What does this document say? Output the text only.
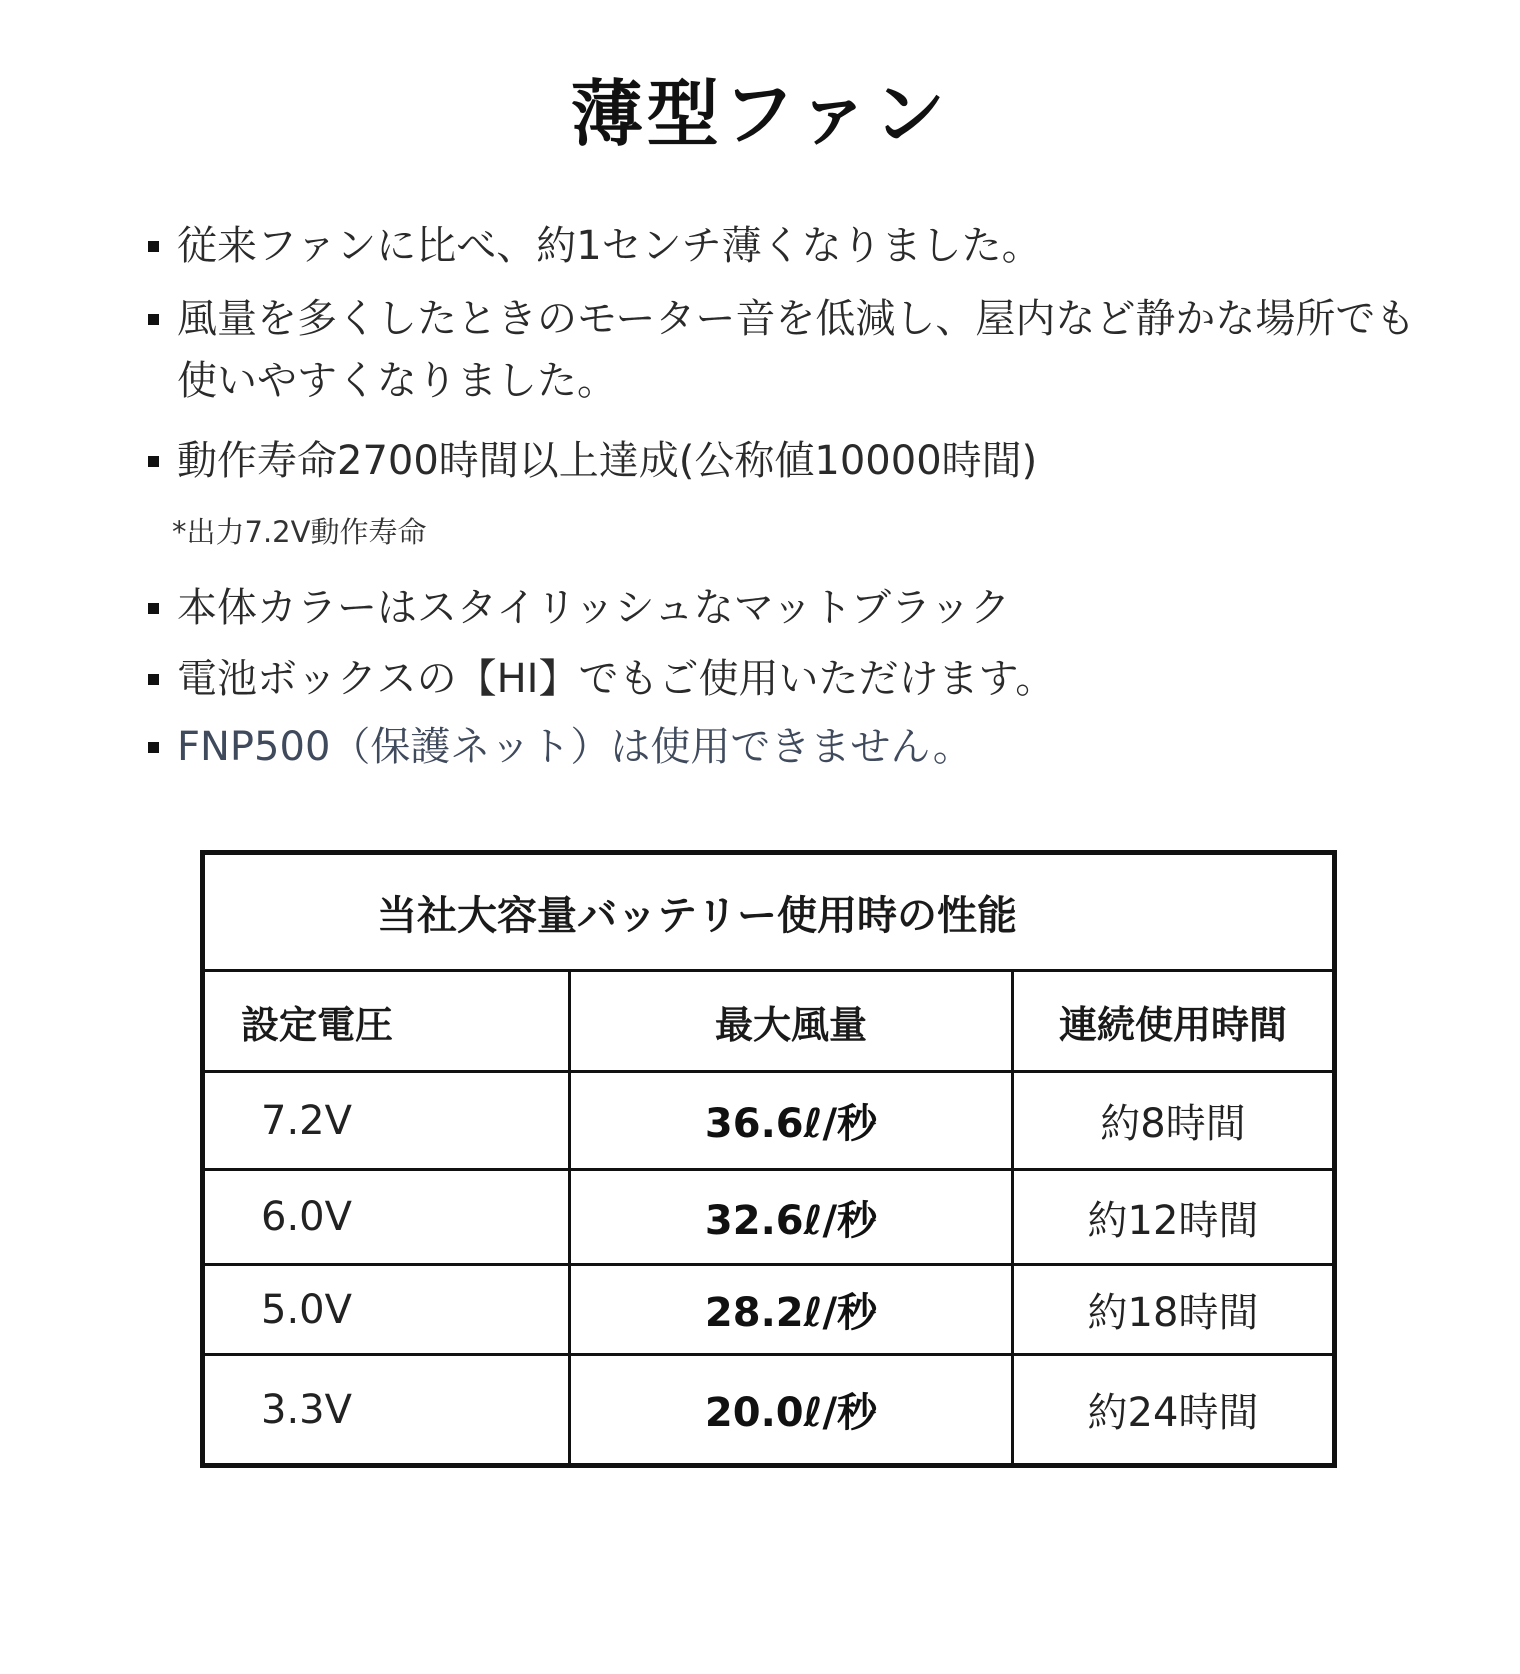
薄型ファン
従来ファンに比べ、約1センチ薄くなりました。
風量を多くしたときのモーター音を低減し、屋内など静かな場所でも使いやすくなりました。
動作寿命2700時間以上達成(公称値10000時間)
*出力7.2V動作寿命
本体カラーはスタイリッシュなマットブラック
電池ボックスの【HI】でもご使用いただけます。
FNP500（保護ネット）は使用できません。
当社大容量バッテリー使用時の性能		
設定電圧	最大風量	連続使用時間
7.2V	36.6ℓ/秒	約8時間
6.0V	32.6ℓ/秒	約12時間
5.0V	28.2ℓ/秒	約18時間
3.3V	20.0ℓ/秒	約24時間
